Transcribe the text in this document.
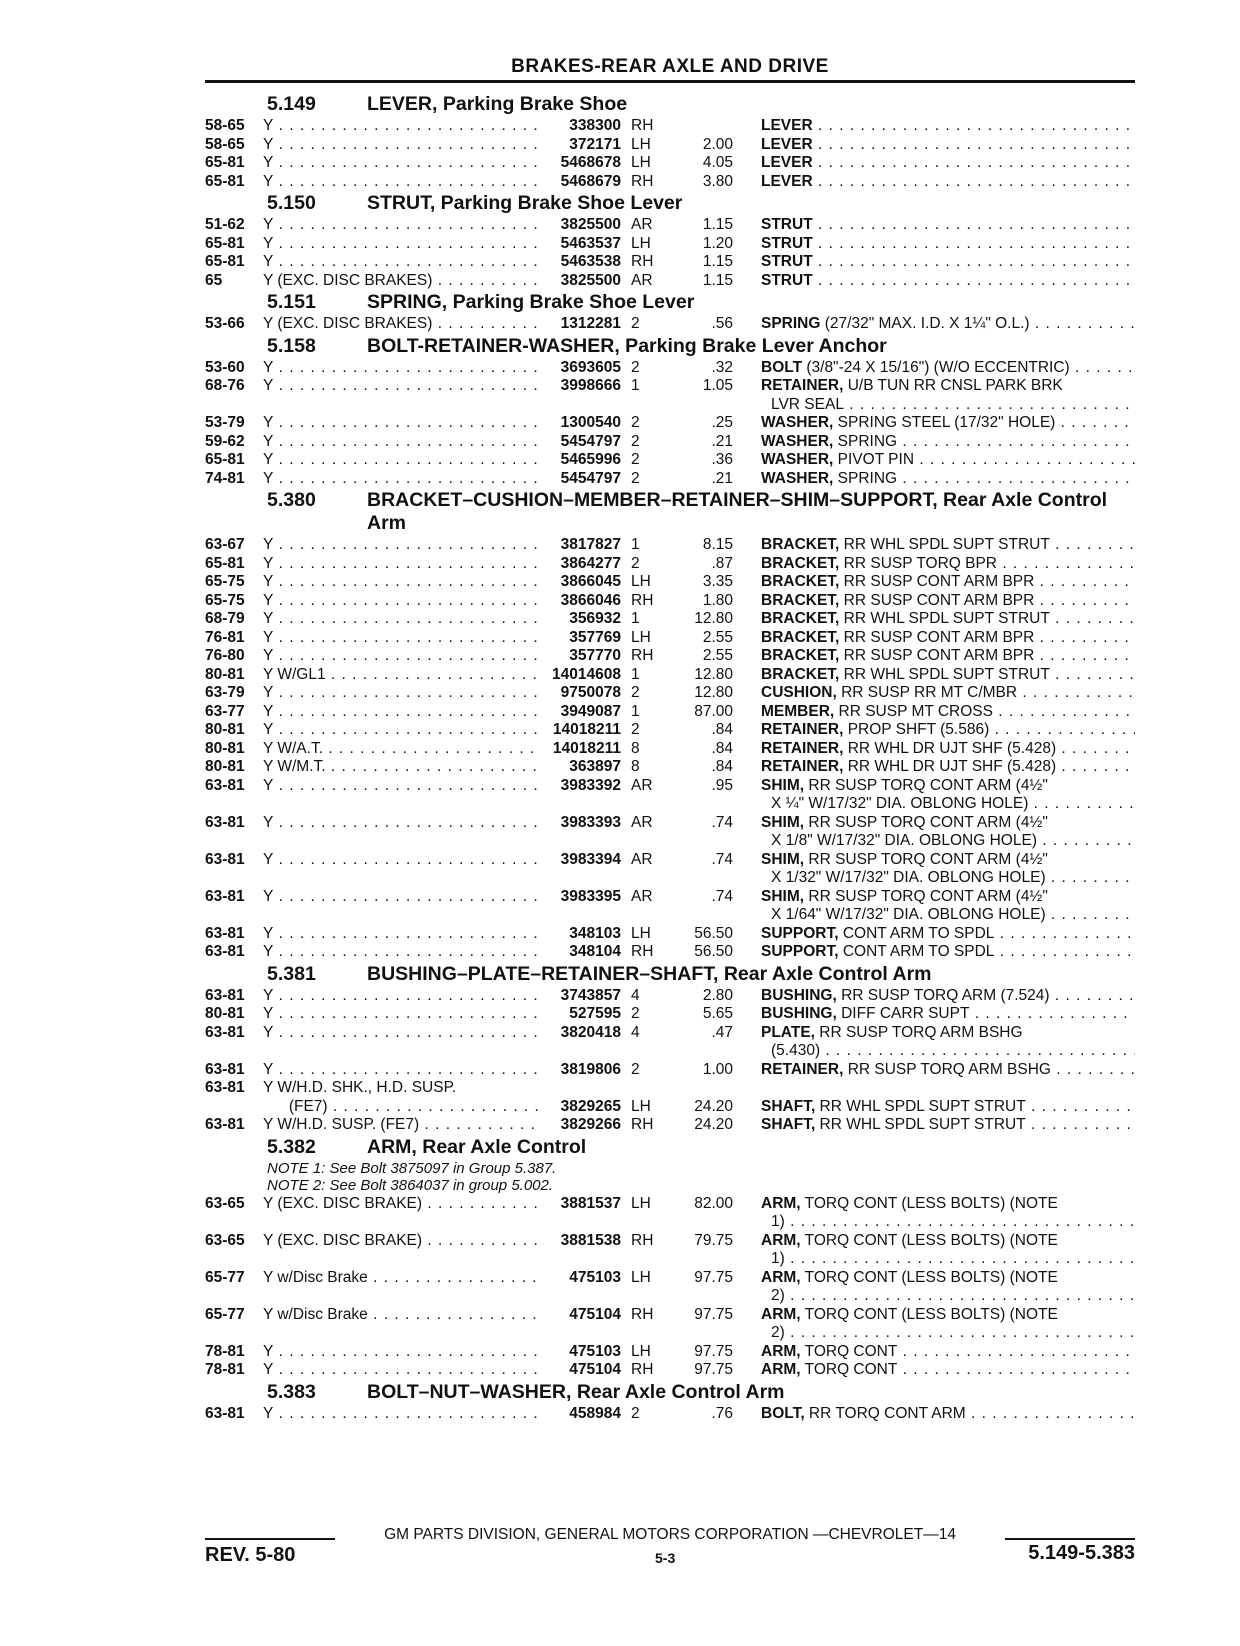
BRAKES-REAR AXLE AND DRIVE
5.149	LEVER, Parking Brake Shoe
58-65	Y . . .	338300 RH	LEVER . . .
58-65	Y . . .	372171 LH	2.00 LEVER . . .
65-81	Y . . .	5468678 LH	4.05 LEVER . . .
65-81	Y . . .	5468679 RH	3.80 LEVER . . .
5.150	STRUT, Parking Brake Shoe Lever
51-62	Y . . .	3825500 AR	1.15 STRUT . . .
65-81	Y . . .	5463537 LH	1.20 STRUT . . .
65-81	Y . . .	5463538 RH	1.15 STRUT . . .
65	Y (EXC. DISC BRAKES) . . .	3825500 AR	1.15 STRUT . . .
5.151	SPRING, Parking Brake Shoe Lever
53-66	Y (EXC. DISC BRAKES) . . .	1312281 2	.56 SPRING (27/32" MAX. I.D. X 1¼" O.L.) . . .
5.158	BOLT-RETAINER-WASHER, Parking Brake Lever Anchor
53-60	Y . . .	3693605 2	.32 BOLT (3/8"-24 X 15/16") (W/O ECCENTRIC) . . .
68-76	Y . . .	3998666 1	1.05 RETAINER, U/B TUN RR CNSL PARK BRK
LVR SEAL . . .
53-79	Y . . .	1300540 2	.25 WASHER, SPRING STEEL (17/32" HOLE) . . .
59-62	Y . . .	5454797 2	.21 WASHER, SPRING . . .
65-81	Y . . .	5465996 2	.36 WASHER, PIVOT PIN . . .
74-81	Y . . .	5454797 2	.21 WASHER, SPRING . . .
5.380	BRACKET–CUSHION–MEMBER–RETAINER–SHIM–SUPPORT, Rear Axle Control Arm
63-67	Y . . .	3817827 1	8.15 BRACKET, RR WHL SPDL SUPT STRUT . . .
65-81	Y . . .	3864277 2	.87 BRACKET, RR SUSP TORQ BPR . . .
65-75	Y . . .	3866045 LH	3.35 BRACKET, RR SUSP CONT ARM BPR . . .
65-75	Y . . .	3866046 RH	1.80 BRACKET, RR SUSP CONT ARM BPR . . .
68-79	Y . . .	356932 1	12.80 BRACKET, RR WHL SPDL SUPT STRUT . . .
76-81	Y . . .	357769 LH	2.55 BRACKET, RR SUSP CONT ARM BPR . . .
76-80	Y . . .	357770 RH	2.55 BRACKET, RR SUSP CONT ARM BPR . . .
80-81	Y W/GL1 . . .	14014608 1	12.80 BRACKET, RR WHL SPDL SUPT STRUT . . .
63-79	Y . . .	9750078 2	12.80 CUSHION, RR SUSP RR MT C/MBR . . .
63-77	Y . . .	3949087 1	87.00 MEMBER, RR SUSP MT CROSS . . .
80-81	Y . . .	14018211 2	.84 RETAINER, PROP SHFT (5.586) . . .
80-81	Y W/A.T. . . .	14018211 8	.84 RETAINER, RR WHL DR UJT SHF (5.428) . . .
80-81	Y W/M.T. . . .	363897 8	.84 RETAINER, RR WHL DR UJT SHF (5.428) . . .
63-81	Y . . .	3983392 AR	.95 SHIM, RR SUSP TORQ CONT ARM (4½"
X ¼" W/17/32" DIA. OBLONG HOLE) . . .
63-81	Y . . .	3983393 AR	.74 SHIM, RR SUSP TORQ CONT ARM (4½"
X 1/8" W/17/32" DIA. OBLONG HOLE) . . .
63-81	Y . . .	3983394 AR	.74 SHIM, RR SUSP TORQ CONT ARM (4½"
X 1/32" W/17/32" DIA. OBLONG HOLE) . . .
63-81	Y . . .	3983395 AR	.74 SHIM, RR SUSP TORQ CONT ARM (4½"
X 1/64" W/17/32" DIA. OBLONG HOLE) . . .
63-81	Y . . .	348103 LH	56.50 SUPPORT, CONT ARM TO SPDL . . .
63-81	Y . . .	348104 RH	56.50 SUPPORT, CONT ARM TO SPDL . . .
5.381	BUSHING–PLATE–RETAINER–SHAFT, Rear Axle Control Arm
63-81	Y . . .	3743857 4	2.80 BUSHING, RR SUSP TORQ ARM (7.524) . . .
80-81	Y . . .	527595 2	5.65 BUSHING, DIFF CARR SUPT . . .
63-81	Y . . .	3820418 4	.47 PLATE, RR SUSP TORQ ARM BSHG
(5.430) . . .
63-81	Y . . .	3819806 2	1.00 RETAINER, RR SUSP TORQ ARM BSHG . . .
63-81	Y W/H.D. SHK., H.D. SUSP.
(FE7) . . .	3829265 LH	24.20 SHAFT, RR WHL SPDL SUPT STRUT . . .
63-81	Y W/H.D. SUSP. (FE7) . . .	3829266 RH	24.20 SHAFT, RR WHL SPDL SUPT STRUT . . .
5.382	ARM, Rear Axle Control
NOTE 1: See Bolt 3875097 in Group 5.387.
NOTE 2: See Bolt 3864037 in group 5.002.
63-65	Y (EXC. DISC BRAKE) . . .	3881537 LH	82.00 ARM, TORQ CONT (LESS BOLTS) (NOTE
1) . . .
63-65	Y (EXC. DISC BRAKE) . . .	3881538 RH	79.75 ARM, TORQ CONT (LESS BOLTS) (NOTE
1) . . .
65-77	Y w/Disc Brake . . .	475103 LH	97.75 ARM, TORQ CONT (LESS BOLTS) (NOTE
2) . . .
65-77	Y w/Disc Brake . . .	475104 RH	97.75 ARM, TORQ CONT (LESS BOLTS) (NOTE
2) . . .
78-81	Y . . .	475103 LH	97.75 ARM, TORQ CONT . . .
78-81	Y . . .	475104 RH	97.75 ARM, TORQ CONT . . .
5.383	BOLT–NUT–WASHER, Rear Axle Control Arm
63-81	Y . . .	458984 2	.76 BOLT, RR TORQ CONT ARM . . .
GM PARTS DIVISION, GENERAL MOTORS CORPORATION —CHEVROLET—14
REV. 5-80	5-3	5.149-5.383
